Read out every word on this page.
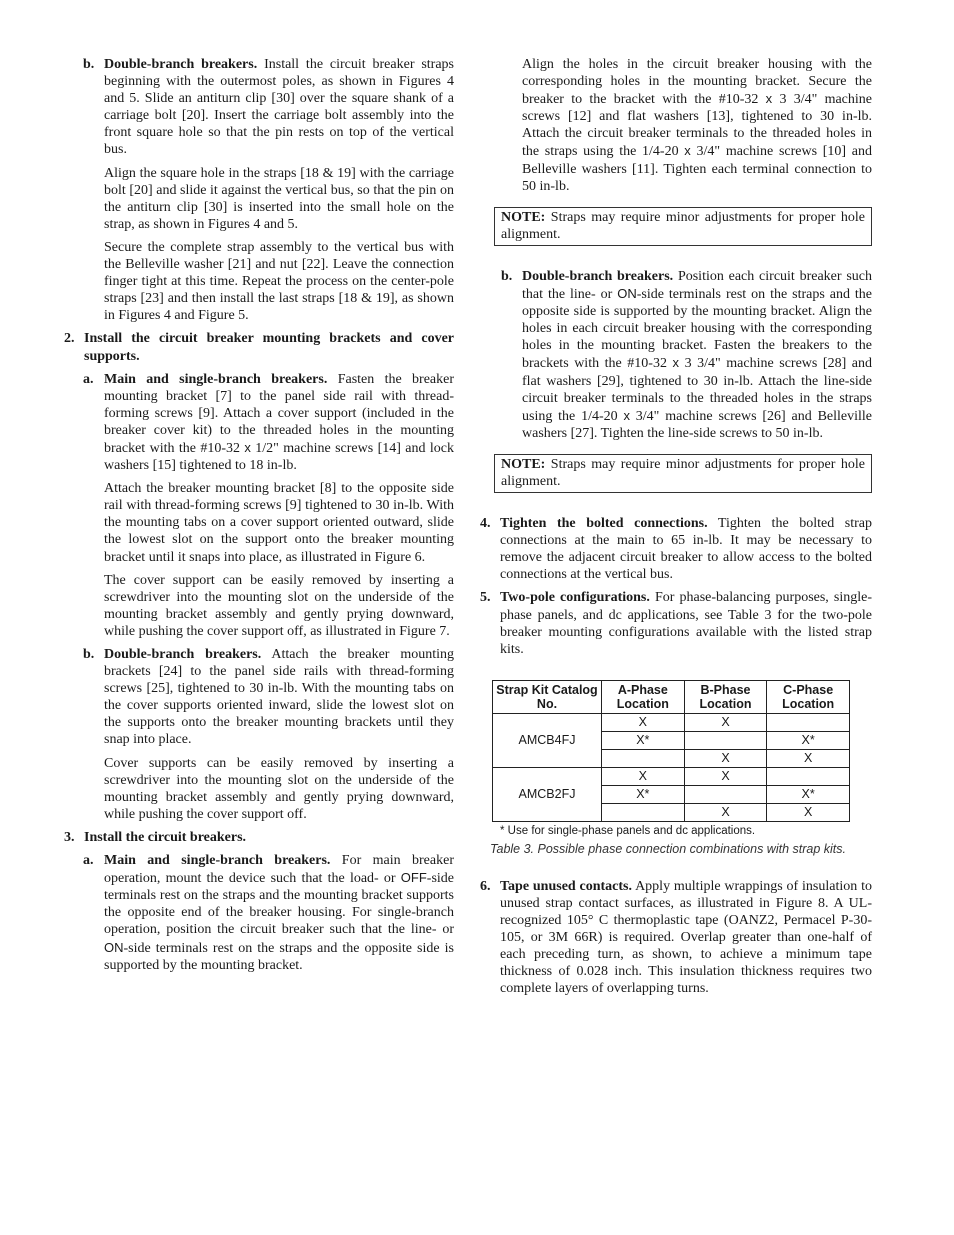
b. Double-branch breakers. Install the circuit breaker straps beginning with the outermost poles, as shown in Figures 4 and 5. Slide an antiturn clip [30] over the square shank of a carriage bolt [20]. Insert the carriage bolt assembly into the front square hole so that the pin rests on top of the vertical bus.

Align the square hole in the straps [18 & 19] with the carriage bolt [20] and slide it against the vertical bus, so that the pin on the antiturn clip [30] is inserted into the small hole on the strap, as shown in Figures 4 and 5.

Secure the complete strap assembly to the vertical bus with the Belleville washer [21] and nut [22]. Leave the connection finger tight at this time. Repeat the process on the center-pole straps [23] and then install the last straps [18 & 19], as shown in Figures 4 and Figure 5.

2. Install the circuit breaker mounting brackets and cover supports.

a. Main and single-branch breakers. Fasten the breaker mounting bracket [7] to the panel side rail with thread-forming screws [9]. Attach a cover support (included in the breaker cover kit) to the threaded holes in the mounting bracket with the #10-32 x 1/2" machine screws [14] and lock washers [15] tightened to 18 in-lb.

Attach the breaker mounting bracket [8] to the opposite side rail with thread-forming screws [9] tightened to 30 in-lb. With the mounting tabs on a cover support oriented outward, slide the lowest slot on the support onto the breaker mounting bracket until it snaps into place, as illustrated in Figure 6.

The cover support can be easily removed by inserting a screwdriver into the mounting slot on the underside of the mounting bracket assembly and gently prying downward, while pushing the cover support off, as illustrated in Figure 7.

b. Double-branch breakers. Attach the breaker mounting brackets [24] to the panel side rails with thread-forming screws [25], tightened to 30 in-lb. With the mounting tabs on the cover supports oriented inward, slide the lowest slot on the supports onto the breaker mounting brackets until they snap into place.

Cover supports can be easily removed by inserting a screwdriver into the mounting slot on the underside of the mounting bracket assembly and gently prying downward, while pushing the cover support off.

3. Install the circuit breakers.

a. Main and single-branch breakers. For main breaker operation, mount the device such that the load- or OFF-side terminals rest on the straps and the mounting bracket supports the opposite end of the breaker housing. For single-branch operation, position the circuit breaker such that the line- or ON-side terminals rest on the straps and the opposite side is supported by the mounting bracket.

Align the holes in the circuit breaker housing with the corresponding holes in the mounting bracket. Secure the breaker to the bracket with the #10-32 x 3 3/4" machine screws [12] and flat washers [13], tightened to 30 in-lb. Attach the circuit breaker terminals to the threaded holes in the straps using the 1/4-20 x 3/4" machine screws [10] and Belleville washers [11]. Tighten each terminal connection to 50 in-lb.

NOTE: Straps may require minor adjustments for proper hole alignment.
b. Double-branch breakers. Position each circuit breaker such that the line- or ON-side terminals rest on the straps and the opposite side is supported by the mounting bracket. Align the holes in each circuit breaker housing with the corresponding holes in the mounting bracket. Fasten the breakers to the brackets with the #10-32 x 3 3/4" machine screws [28] and flat washers [29], tightened to 30 in-lb. Attach the line-side circuit breaker terminals to the threaded holes in the straps using the 1/4-20 x 3/4" machine screws [26] and Belleville washers [27]. Tighten the line-side screws to 50 in-lb.

NOTE: Straps may require minor adjustments for proper hole alignment.
4. Tighten the bolted connections. Tighten the bolted strap connections at the main to 65 in-lb. It may be necessary to remove the adjacent circuit breaker to allow access to the bolted connections at the vertical bus.

5. Two-pole configurations. For phase-balancing purposes, single-phase panels, and dc applications, see Table 3 for the two-pole breaker mounting configurations available with the listed strap kits.

Strap Kit Catalog No.	A-Phase Location	B-Phase Location	C-Phase Location
AMCB4FJ	X	X	
	X*		X*
		X	X
AMCB2FJ	X	X	
	X*		X*
		X	X
* Use for single-phase panels and dc applications.
Table 3. Possible phase connection combinations with strap kits.
6. Tape unused contacts. Apply multiple wrappings of insulation to unused strap contact surfaces, as illustrated in Figure 8. A UL-recognized 105° C thermoplastic tape (OANZ2, Permacel P-30-105, or 3M 66R) is required. Overlap greater than one-half of each preceding turn, as shown, to achieve a minimum tape thickness of 0.028 inch. This insulation thickness requires two complete layers of overlapping turns.
